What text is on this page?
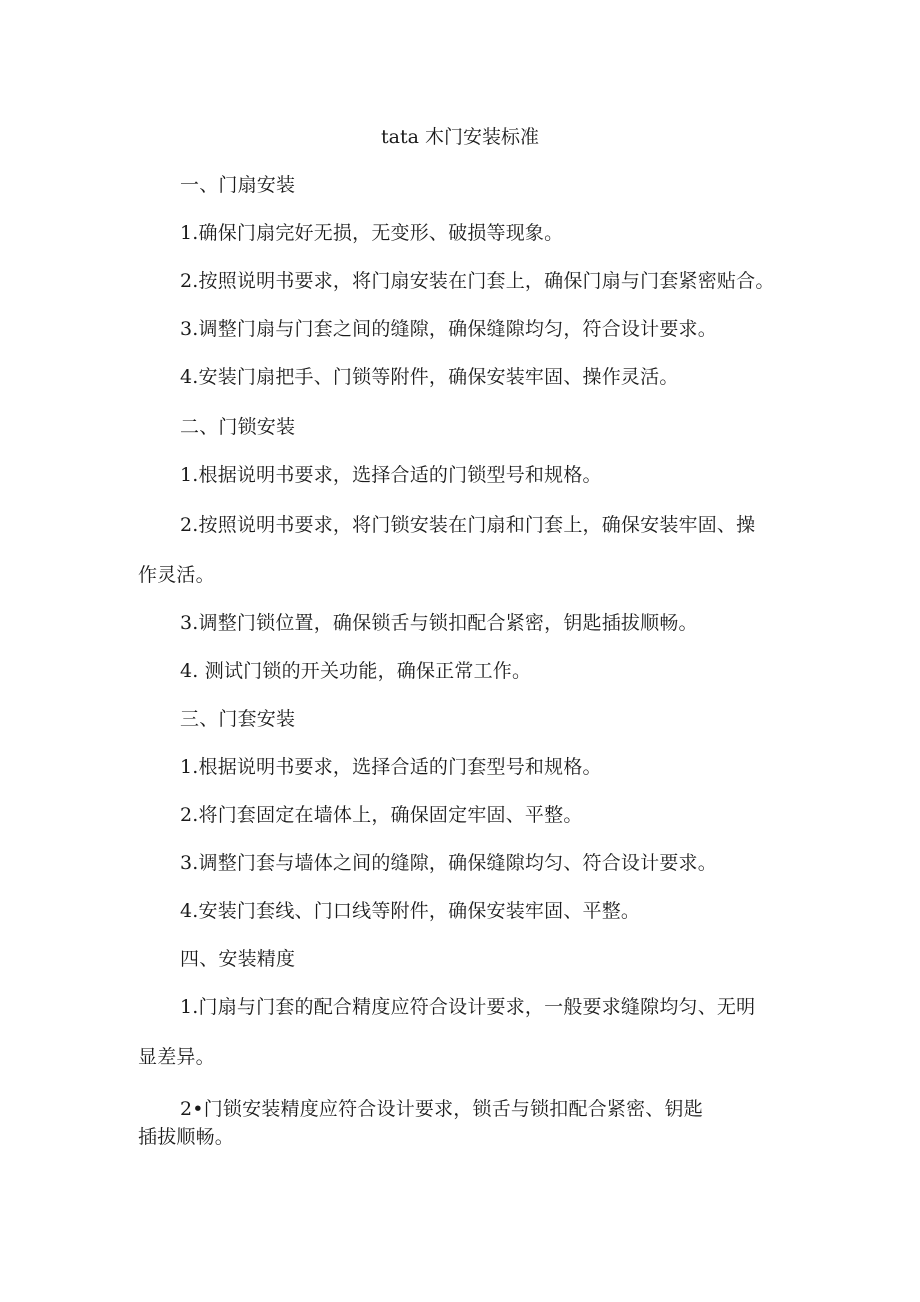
tata 木门安装标准
一、门扇安装
1.确保门扇完好无损，无变形、破损等现象。
2.按照说明书要求，将门扇安装在门套上，确保门扇与门套紧密贴合。
3.调整门扇与门套之间的缝隙，确保缝隙均匀，符合设计要求。
4.安装门扇把手、门锁等附件，确保安装牢固、操作灵活。
二、门锁安装
1.根据说明书要求，选择合适的门锁型号和规格。
2.按照说明书要求，将门锁安装在门扇和门套上，确保安装牢固、操
作灵活。
3.调整门锁位置，确保锁舌与锁扣配合紧密，钥匙插拔顺畅。
4. 测试门锁的开关功能，确保正常工作。
三、门套安装
1.根据说明书要求，选择合适的门套型号和规格。
2.将门套固定在墙体上，确保固定牢固、平整。
3.调整门套与墙体之间的缝隙，确保缝隙均匀、符合设计要求。
4.安装门套线、门口线等附件，确保安装牢固、平整。
四、安装精度
1.门扇与门套的配合精度应符合设计要求，一般要求缝隙均匀、无明
显差异。
2•门锁安装精度应符合设计要求，锁舌与锁扣配合紧密、钥匙
插拔顺畅。
